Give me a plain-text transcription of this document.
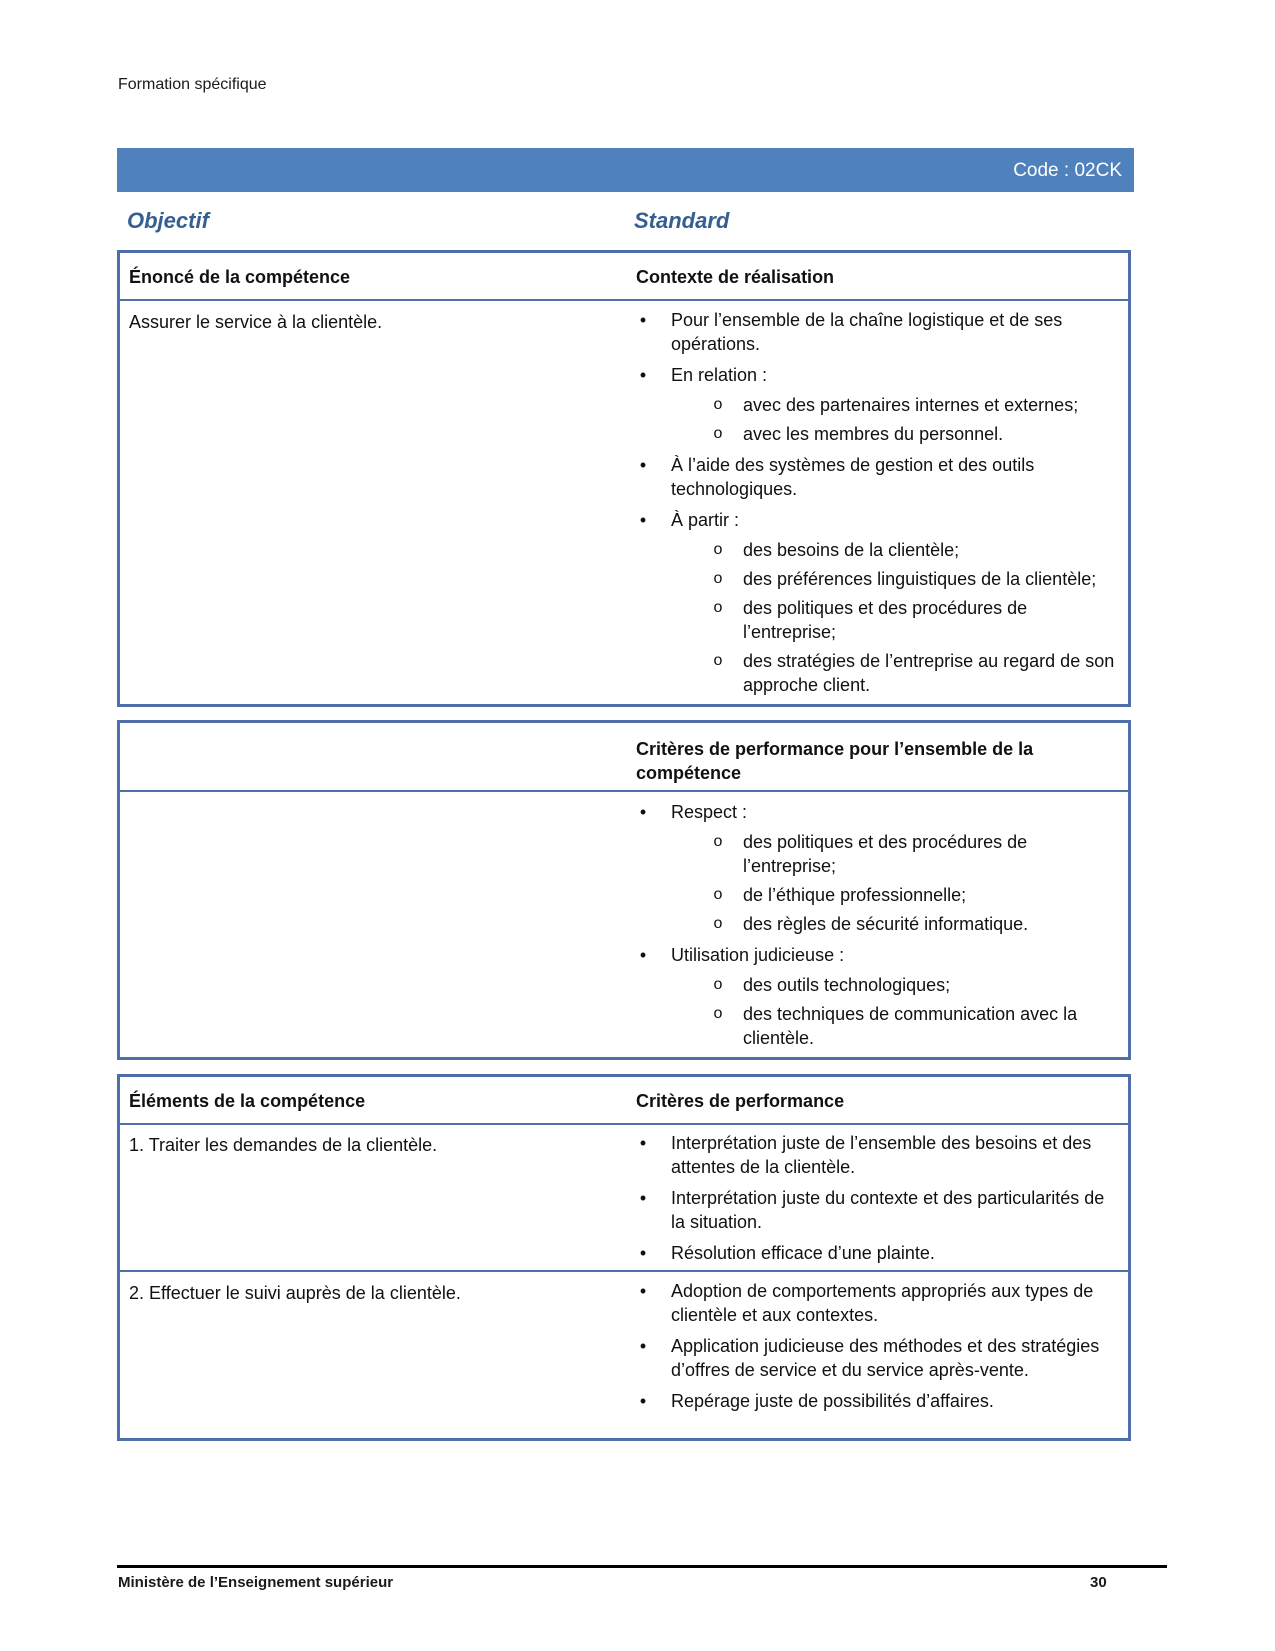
Formation spécifique
Code : 02CK
Objectif	Standard
Énoncé de la compétence	Contexte de réalisation
Assurer le service à la clientèle.	• Pour l’ensemble de la chaîne logistique et de ses opérations.
• En relation :
o avec des partenaires internes et externes;
o avec les membres du personnel.
• À l’aide des systèmes de gestion et des outils technologiques.
• À partir :
o des besoins de la clientèle;
o des préférences linguistiques de la clientèle;
o des politiques et des procédures de l’entreprise;
o des stratégies de l’entreprise au regard de son approche client.
Critères de performance pour l’ensemble de la compétence
• Respect :
o des politiques et des procédures de l’entreprise;
o de l’éthique professionnelle;
o des règles de sécurité informatique.
• Utilisation judicieuse :
o des outils technologiques;
o des techniques de communication avec la clientèle.
Éléments de la compétence	Critères de performance
1. Traiter les demandes de la clientèle.	• Interprétation juste de l’ensemble des besoins et des attentes de la clientèle.
• Interprétation juste du contexte et des particularités de la situation.
• Résolution efficace d’une plainte.
2. Effectuer le suivi auprès de la clientèle.	• Adoption de comportements appropriés aux types de clientèle et aux contextes.
• Application judicieuse des méthodes et des stratégies d’offres de service et du service après-vente.
• Repérage juste de possibilités d’affaires.
Ministère de l’Enseignement supérieur	30
